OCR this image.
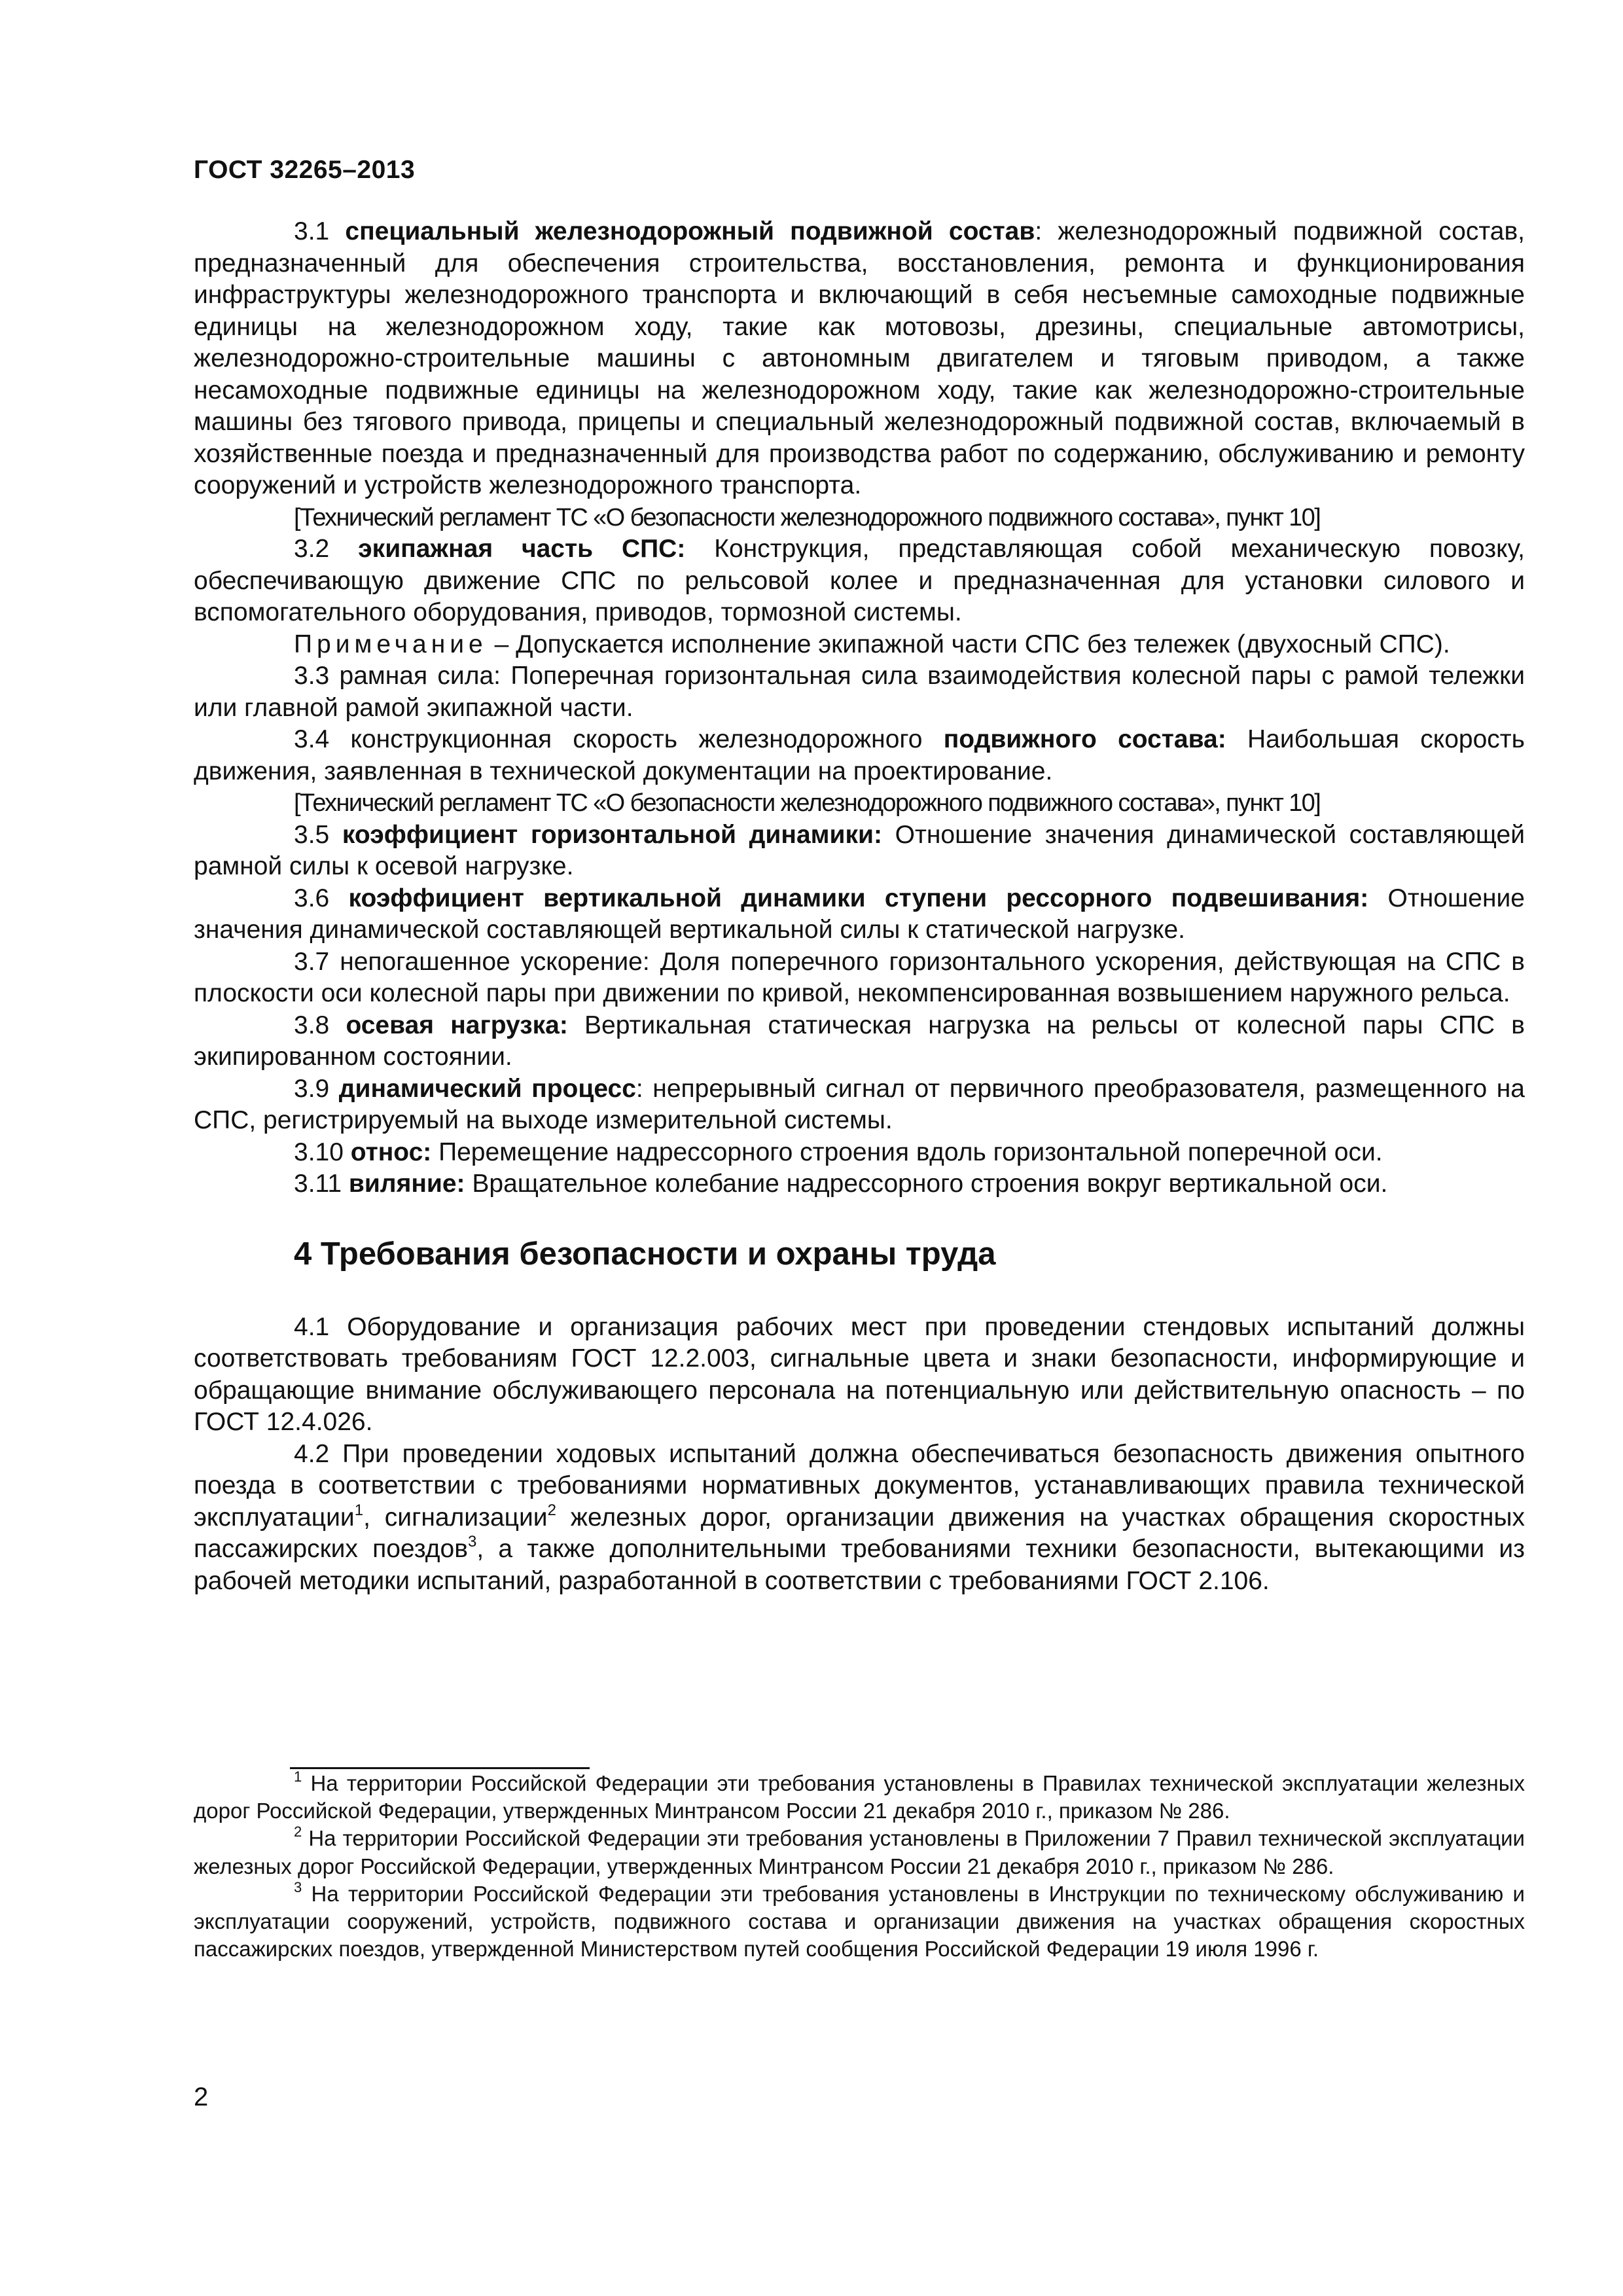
ГОСТ 32265–2013

3.1 специальный железнодорожный подвижной состав: железнодорожный подвижной состав, предназначенный для обеспечения строительства, восстановления, ремонта и функционирования инфраструктуры железнодорожного транспорта и включающий в себя несъемные самоходные подвижные единицы на железнодорожном ходу, такие как мотовозы, дрезины, специальные автомотрисы, железнодорожно-строительные машины с автономным двигателем и тяговым приводом, а также несамоходные подвижные единицы на железнодорожном ходу, такие как железнодорожно-строительные машины без тягового привода, прицепы и специальный железнодорожный подвижной состав, включаемый в хозяйственные поезда и предназначенный для производства работ по содержанию, обслуживанию и ремонту сооружений и устройств железнодорожного транспорта.

[Технический регламент ТС «О безопасности железнодорожного подвижного состава», пункт 10]

3.2 экипажная часть СПС: Конструкция, представляющая собой механическую повозку, обеспечивающую движение СПС по рельсовой колее и предназначенная для установки силового и вспомогательного оборудования, приводов, тормозной системы.

Примечание – Допускается исполнение экипажной части СПС без тележек (двухосный СПС).

3.3 рамная сила: Поперечная горизонтальная сила взаимодействия колесной пары с рамой тележки или главной рамой экипажной части.

3.4 конструкционная скорость железнодорожного подвижного состава: Наибольшая скорость движения, заявленная в технической документации на проектирование.

[Технический регламент ТС «О безопасности железнодорожного подвижного состава», пункт 10]

3.5 коэффициент горизонтальной динамики: Отношение значения динамической составляющей рамной силы к осевой нагрузке.

3.6 коэффициент вертикальной динамики ступени рессорного подвешивания: Отношение значения динамической составляющей вертикальной силы к статической нагрузке.

3.7 непогашенное ускорение: Доля поперечного горизонтального ускорения, действующая на СПС в плоскости оси колесной пары при движении по кривой, некомпенсированная возвышением наружного рельса.

3.8 осевая нагрузка: Вертикальная статическая нагрузка на рельсы от колесной пары СПС в экипированном состоянии.

3.9 динамический процесс: непрерывный сигнал от первичного преобразователя, размещенного на СПС, регистрируемый на выходе измерительной системы.

3.10 относ: Перемещение надрессорного строения вдоль горизонтальной поперечной оси.

3.11 виляние: Вращательное колебание надрессорного строения вокруг вертикальной оси.

4 Требования безопасности и охраны труда

4.1 Оборудование и организация рабочих мест при проведении стендовых испытаний должны соответствовать требованиям ГОСТ 12.2.003, сигнальные цвета и знаки безопасности, информирующие и обращающие внимание обслуживающего персонала на потенциальную или действительную опасность – по ГОСТ 12.4.026.

4.2 При проведении ходовых испытаний должна обеспечиваться безопасность движения опытного поезда в соответствии с требованиями нормативных документов, устанавливающих правила технической эксплуатации$^1$, сигнализации$^2$ железных дорог, организации движения на участках обращения скоростных пассажирских поездов$^3$, а также дополнительными требованиями техники безопасности, вытекающими из рабочей методики испытаний, разработанной в соответствии с требованиями ГОСТ 2.106.

$^1$ На территории Российской Федерации эти требования установлены в Правилах технической эксплуатации железных дорог Российской Федерации, утвержденных Минтрансом России 21 декабря 2010 г., приказом № 286.

$^2$ На территории Российской Федерации эти требования установлены в Приложении 7 Правил технической эксплуатации железных дорог Российской Федерации, утвержденных Минтрансом России 21 декабря 2010 г., приказом № 286.

$^3$ На территории Российской Федерации эти требования установлены в Инструкции по техническому обслуживанию и эксплуатации сооружений, устройств, подвижного состава и организации движения на участках обращения скоростных пассажирских поездов, утвержденной Министерством путей сообщения Российской Федерации 19 июля 1996 г.

2
